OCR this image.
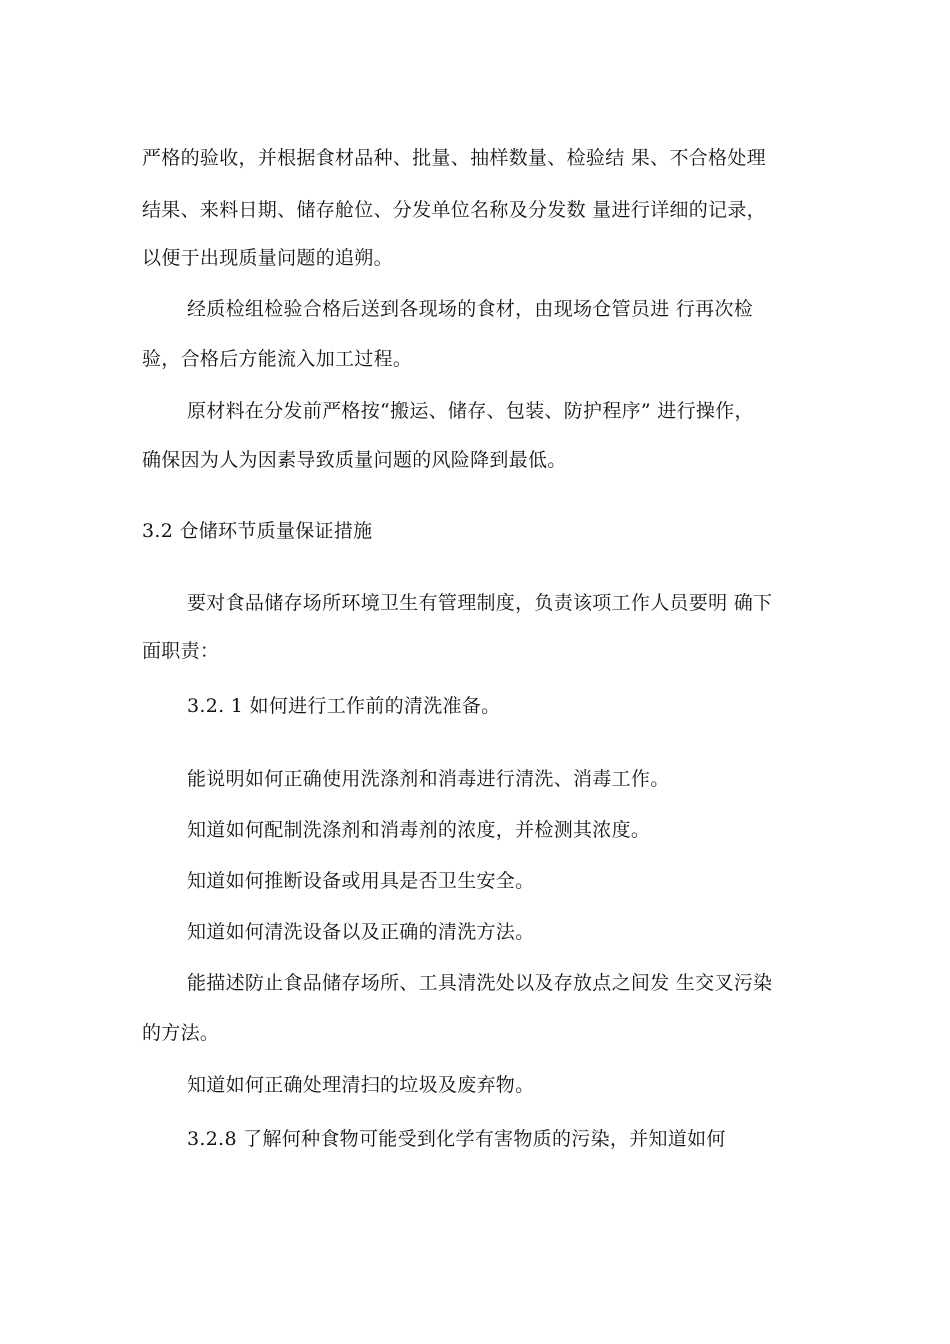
严格的验收，并根据食材品种、批量、抽样数量、检验结 果、不合格处理
结果、来料日期、储存舱位、分发单位名称及分发数 量进行详细的记录，
以便于出现质量问题的追朔。
经质检组检验合格后送到各现场的食材，由现场仓管员进 行再次检
验，合格后方能流入加工过程。
原材料在分发前严格按“搬运、储存、包装、防护程序” 进行操作，
确保因为人为因素导致质量问题的风险降到最低。
3.2 仓储环节质量保证措施
要对食品储存场所环境卫生有管理制度，负责该项工作人员要明 确下
面职责：
3.2. 1 如何进行工作前的清洗准备。
能说明如何正确使用洗涤剂和消毒进行清洗、消毒工作。
知道如何配制洗涤剂和消毒剂的浓度，并检测其浓度。
知道如何推断设备或用具是否卫生安全。
知道如何清洗设备以及正确的清洗方法。
能描述防止食品储存场所、工具清洗处以及存放点之间发 生交叉污染
的方法。
知道如何正确处理清扫的垃圾及废弃物。
3.2.8 了解何种食物可能受到化学有害物质的污染，并知道如何
